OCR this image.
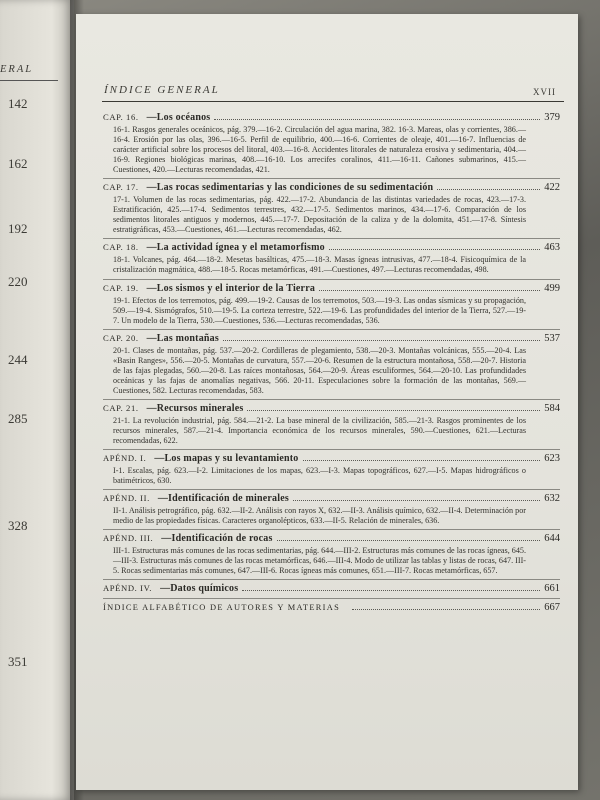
ERAL
142
162
192
220
244
285
328
351
ÍNDICE GENERAL	XVII
CAP. 16. —Los océanos	379
16-1. Rasgos generales oceánicos, pág. 379.—16-2. Circulación del agua marina, 382. 16-3. Mareas, olas y corrientes, 386.—16-4. Erosión por las olas, 396.—16-5. Perfil de equilibrio, 400.—16-6. Corrientes de oleaje, 401.—16-7. Influencias de carácter artificial sobre los procesos del litoral, 403.—16-8. Accidentes litorales de naturaleza erosiva y sedimentaria, 404.—16-9. Regiones biológicas marinas, 408.—16-10. Los arrecifes coralinos, 411.—16-11. Cañones submarinos, 415.—Cuestiones, 420.—Lecturas recomendadas, 421.
CAP. 17. —Las rocas sedimentarias y las condiciones de su sedimentación	422
17-1. Volumen de las rocas sedimentarias, pág. 422.—17-2. Abundancia de las distintas variedades de rocas, 423.—17-3. Estratificación, 425.—17-4. Sedimentos terrestres, 432.—17-5. Sedimentos marinos, 434.—17-6. Comparación de los sedimentos litorales antiguos y modernos, 445.—17-7. Depositación de la caliza y de la dolomita, 451.—17-8. Síntesis estratigráficas, 453.—Cuestiones, 461.—Lecturas recomendadas, 462.
CAP. 18. —La actividad ígnea y el metamorfismo	463
18-1. Volcanes, pág. 464.—18-2. Mesetas basálticas, 475.—18-3. Masas ígneas intrusivas, 477.—18-4. Fisicoquímica de la cristalización magmática, 488.—18-5. Rocas metamórficas, 491.—Cuestiones, 497.—Lecturas recomendadas, 498.
CAP. 19. —Los sismos y el interior de la Tierra	499
19-1. Efectos de los terremotos, pág. 499.—19-2. Causas de los terremotos, 503.—19-3. Las ondas sísmicas y su propagación, 509.—19-4. Sismógrafos, 510.—19-5. La corteza terrestre, 522.—19-6. Las profundidades del interior de la Tierra, 527.—19-7. Un modelo de la Tierra, 530.—Cuestiones, 536.—Lecturas recomendadas, 536.
CAP. 20. —Las montañas	537
20-1. Clases de montañas, pág. 537.—20-2. Cordilleras de plegamiento, 538.—20-3. Montañas volcánicas, 555.—20-4. Las «Basin Ranges», 556.—20-5. Montañas de curvatura, 557.—20-6. Resumen de la estructura montañosa, 558.—20-7. Historia de las fajas plegadas, 560.—20-8. Las raíces montañosas, 564.—20-9. Áreas esculiformes, 564.—20-10. Las profundidades oceánicas y las fajas de anomalías negativas, 566. 20-11. Especulaciones sobre la formación de las montañas, 569.—Cuestiones, 582. Lecturas recomendadas, 583.
CAP. 21. —Recursos minerales	584
21-1. La revolución industrial, pág. 584.—21-2. La base mineral de la civilización, 585.—21-3. Rasgos prominentes de los recursos minerales, 587.—21-4. Importancia económica de los recursos minerales, 590.—Cuestiones, 621.—Lecturas recomendadas, 622.
APÉND. I. —Los mapas y su levantamiento	623
I-1. Escalas, pág. 623.—I-2. Limitaciones de los mapas, 623.—I-3. Mapas topográficos, 627.—I-5. Mapas hidrográficos o batimétricos, 630.
APÉND. II. —Identificación de minerales	632
II-1. Análisis petrográfico, pág. 632.—II-2. Análisis con rayos X, 632.—II-3. Análisis químico, 632.—II-4. Determinación por medio de las propiedades físicas. Caracteres organolépticos, 633.—II-5. Relación de minerales, 636.
APÉND. III. —Identificación de rocas	644
III-1. Estructuras más comunes de las rocas sedimentarias, pág. 644.—III-2. Estructuras más comunes de las rocas ígneas, 645.—III-3. Estructuras más comunes de las rocas metamórficas, 646.—III-4. Modo de utilizar las tablas y listas de rocas, 647. III-5. Rocas sedimentarias más comunes, 647.—III-6. Rocas ígneas más comunes, 651.—III-7. Rocas metamórficas, 657.
APÉND. IV. —Datos químicos	661
ÍNDICE ALFABÉTICO DE AUTORES Y MATERIAS	667
